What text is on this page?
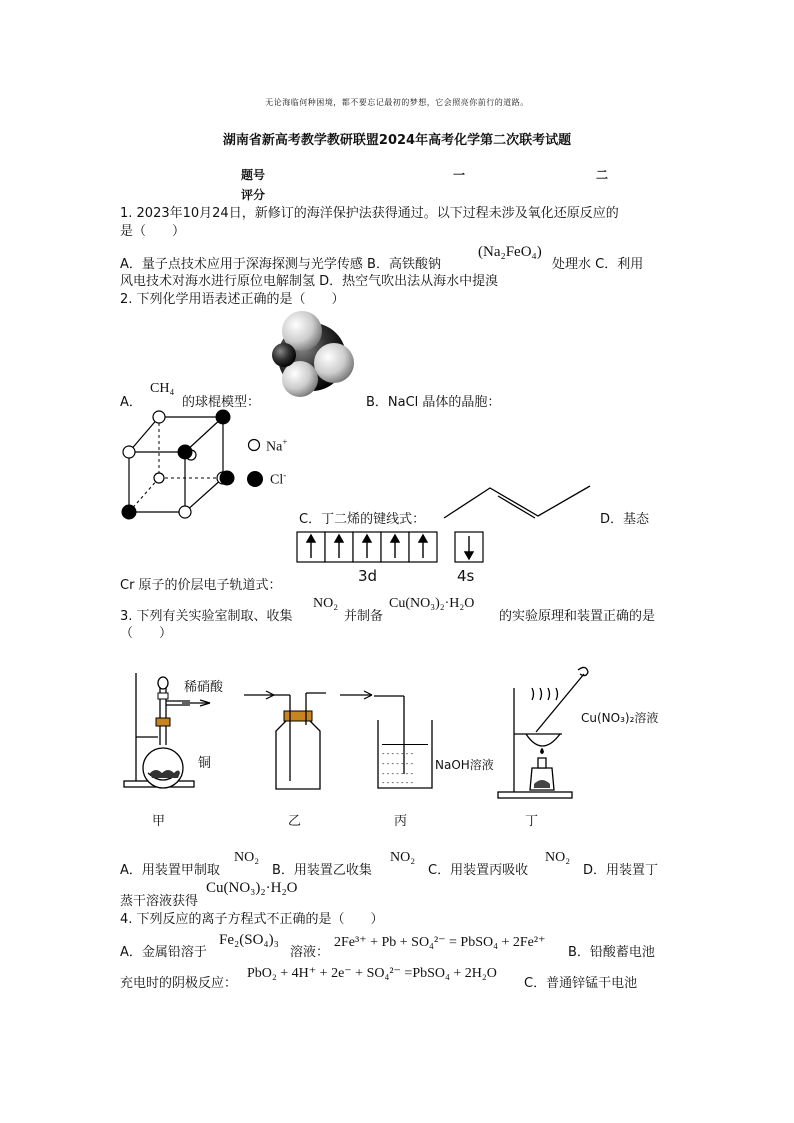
无论海临何种困境，都不要忘记最初的梦想，它会照亮你前行的道路。
湖南省新高考教学教研联盟2024年高考化学第二次联考试题
题号	一	二
评分
1. 2023年10月24日，新修订的海洋保护法获得通过。以下过程未涉及氧化还原反应的
是（　　）
A．量子点技术应用于深海探测与光学传感 B．高铁酸钠
(Na₂FeO₄)
处理水 C．利用
风电技术对海水进行原位电解制氢 D．热空气吹出法从海水中提溴
2. 下列化学用语表述正确的是（　　）
A．
CH₄
的球棍模型：	B．NaCl 晶体的晶胞：
Na+
Cl-
C．丁二烯的键线式：	D．基态
3d	4s
Cr 原子的价层电子轨道式：
3. 下列有关实验室制取、收集
NO₂
并制备
Cu(NO₃)₂·H₂O
的实验原理和装置正确的是
（　　）
稀硝酸
铜
- - - - - - -
- - - - - - -
- - - - - - -
- - - - - - -
NaOH溶液
Cu(NO₃)₂溶液
甲	乙	丙	丁
A．用装置甲制取
NO₂
B．用装置乙收集
NO₂
C．用装置丙吸收
NO₂
D．用装置丁
蒸干溶液获得
Cu(NO₃)₂·H₂O
4. 下列反应的离子方程式不正确的是（　　）
A．金属铅溶于
Fe₂(SO₄)₃
溶液：
2Fe³⁺ + Pb + SO₄²⁻ = PbSO₄ + 2Fe²⁺
B．铅酸蓄电池
充电时的阴极反应：
PbO₂ + 4H⁺ + 2e⁻ + SO₄²⁻ =PbSO₄ + 2H₂O
C．普通锌锰干电池
